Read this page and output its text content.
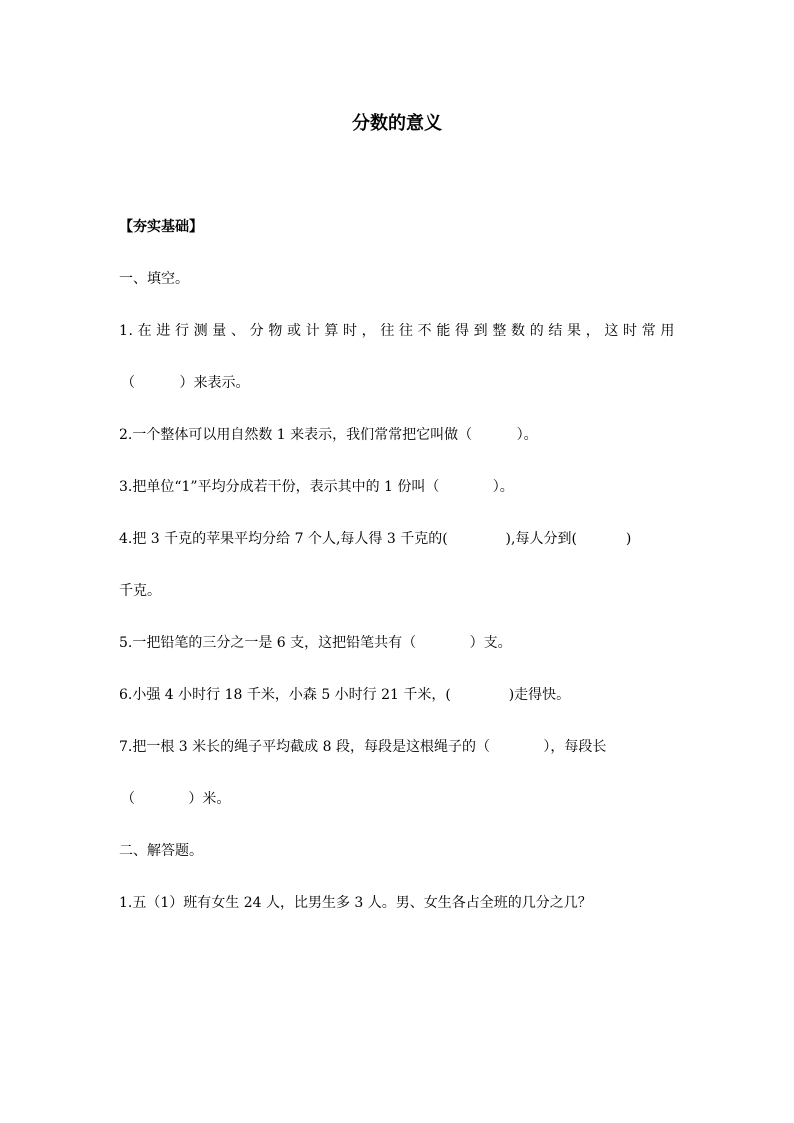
分数的意义
【夯实基础】
一、填空。
1.在进行测量、分物或计算时，往往不能得到整数的结果，这时常用
（          ）来表示。
2.一个整体可以用自然数 1 来表示，我们常常把它叫做（          ）。
3.把单位“1”平均分成若干份，表示其中的 1 份叫（            ）。
4.把 3 千克的苹果平均分给 7 个人,每人得 3 千克的(             ),每人分到(           )
千克。
5.一把铅笔的三分之一是 6 支，这把铅笔共有（            ）支。
6.小强 4 小时行 18 千米，小森 5 小时行 21 千米，(             )走得快。
7.把一根 3 米长的绳子平均截成 8 段，每段是这根绳子的（            ），每段长
（            ）米。
二、解答题。
1.五（1）班有女生 24 人，比男生多 3 人。男、女生各占全班的几分之几？
